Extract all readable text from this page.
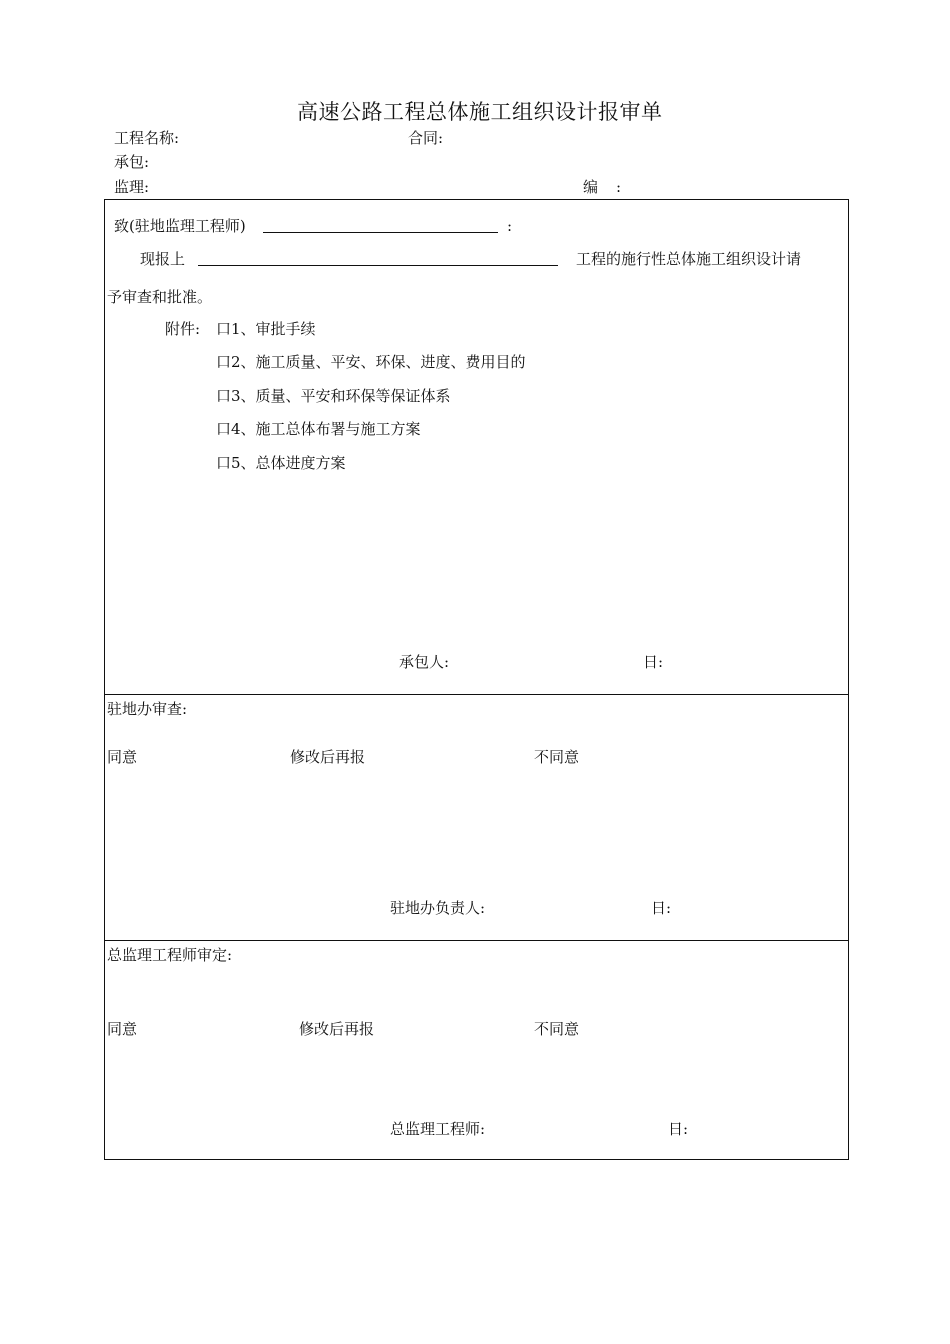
高速公路工程总体施工组织设计报审单
工程名称:	合同:
承包:
监理:	编 :
致(驻地监理工程师)	:
现报上	工程的施行性总体施工组织设计请
予审查和批准。
附件: 口1、审批手续
口2、施工质量、平安、环保、进度、费用目的
口3、质量、平安和环保等保证体系
口4、施工总体布署与施工方案
口5、总体进度方案
承包人:	日:
驻地办审查:
同意	修改后再报	不同意
驻地办负责人:	日:
总监理工程师审定:
同意	修改后再报	不同意
总监理工程师:	日:
